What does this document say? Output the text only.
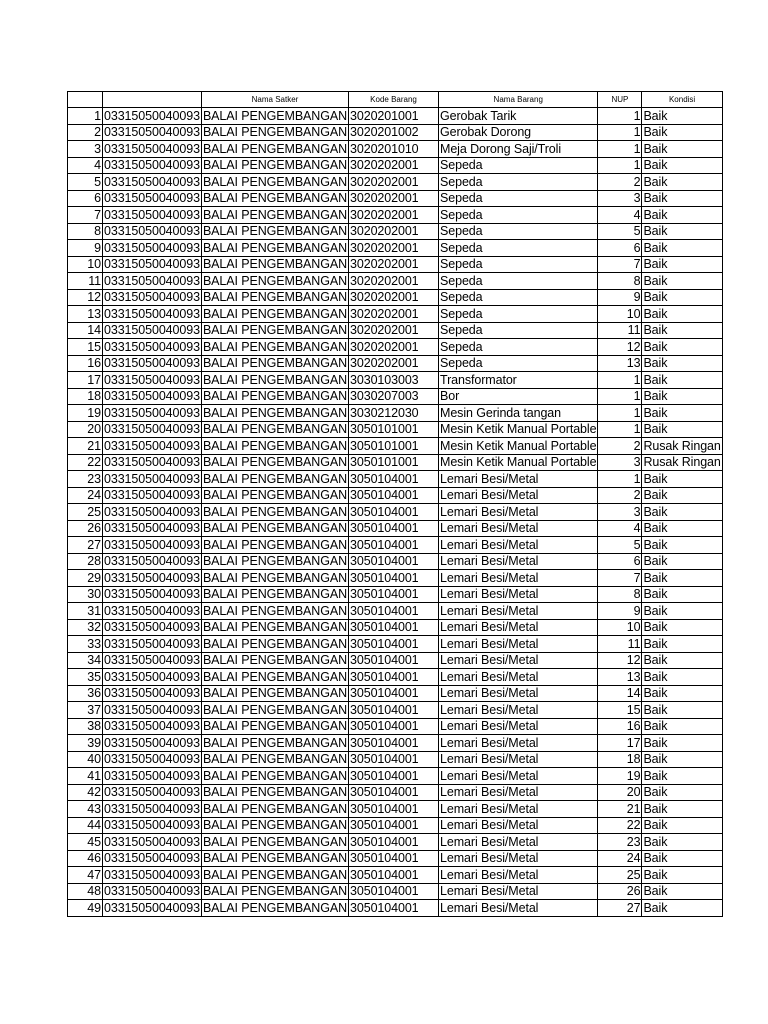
		Nama Satker	Kode Barang	Nama Barang	NUP	Kondisi
1	03315050040093	BALAI PENGEMBANGAN	3020201001	Gerobak Tarik	1	Baik
2	03315050040093	BALAI PENGEMBANGAN	3020201002	Gerobak Dorong	1	Baik
3	03315050040093	BALAI PENGEMBANGAN	3020201010	Meja Dorong Saji/Troli	1	Baik
4	03315050040093	BALAI PENGEMBANGAN	3020202001	Sepeda	1	Baik
5	03315050040093	BALAI PENGEMBANGAN	3020202001	Sepeda	2	Baik
6	03315050040093	BALAI PENGEMBANGAN	3020202001	Sepeda	3	Baik
7	03315050040093	BALAI PENGEMBANGAN	3020202001	Sepeda	4	Baik
8	03315050040093	BALAI PENGEMBANGAN	3020202001	Sepeda	5	Baik
9	03315050040093	BALAI PENGEMBANGAN	3020202001	Sepeda	6	Baik
10	03315050040093	BALAI PENGEMBANGAN	3020202001	Sepeda	7	Baik
11	03315050040093	BALAI PENGEMBANGAN	3020202001	Sepeda	8	Baik
12	03315050040093	BALAI PENGEMBANGAN	3020202001	Sepeda	9	Baik
13	03315050040093	BALAI PENGEMBANGAN	3020202001	Sepeda	10	Baik
14	03315050040093	BALAI PENGEMBANGAN	3020202001	Sepeda	11	Baik
15	03315050040093	BALAI PENGEMBANGAN	3020202001	Sepeda	12	Baik
16	03315050040093	BALAI PENGEMBANGAN	3020202001	Sepeda	13	Baik
17	03315050040093	BALAI PENGEMBANGAN	3030103003	Transformator	1	Baik
18	03315050040093	BALAI PENGEMBANGAN	3030207003	Bor	1	Baik
19	03315050040093	BALAI PENGEMBANGAN	3030212030	Mesin Gerinda tangan	1	Baik
20	03315050040093	BALAI PENGEMBANGAN	3050101001	Mesin Ketik Manual Portable	1	Baik
21	03315050040093	BALAI PENGEMBANGAN	3050101001	Mesin Ketik Manual Portable	2	Rusak Ringan
22	03315050040093	BALAI PENGEMBANGAN	3050101001	Mesin Ketik Manual Portable	3	Rusak Ringan
23	03315050040093	BALAI PENGEMBANGAN	3050104001	Lemari Besi/Metal	1	Baik
24	03315050040093	BALAI PENGEMBANGAN	3050104001	Lemari Besi/Metal	2	Baik
25	03315050040093	BALAI PENGEMBANGAN	3050104001	Lemari Besi/Metal	3	Baik
26	03315050040093	BALAI PENGEMBANGAN	3050104001	Lemari Besi/Metal	4	Baik
27	03315050040093	BALAI PENGEMBANGAN	3050104001	Lemari Besi/Metal	5	Baik
28	03315050040093	BALAI PENGEMBANGAN	3050104001	Lemari Besi/Metal	6	Baik
29	03315050040093	BALAI PENGEMBANGAN	3050104001	Lemari Besi/Metal	7	Baik
30	03315050040093	BALAI PENGEMBANGAN	3050104001	Lemari Besi/Metal	8	Baik
31	03315050040093	BALAI PENGEMBANGAN	3050104001	Lemari Besi/Metal	9	Baik
32	03315050040093	BALAI PENGEMBANGAN	3050104001	Lemari Besi/Metal	10	Baik
33	03315050040093	BALAI PENGEMBANGAN	3050104001	Lemari Besi/Metal	11	Baik
34	03315050040093	BALAI PENGEMBANGAN	3050104001	Lemari Besi/Metal	12	Baik
35	03315050040093	BALAI PENGEMBANGAN	3050104001	Lemari Besi/Metal	13	Baik
36	03315050040093	BALAI PENGEMBANGAN	3050104001	Lemari Besi/Metal	14	Baik
37	03315050040093	BALAI PENGEMBANGAN	3050104001	Lemari Besi/Metal	15	Baik
38	03315050040093	BALAI PENGEMBANGAN	3050104001	Lemari Besi/Metal	16	Baik
39	03315050040093	BALAI PENGEMBANGAN	3050104001	Lemari Besi/Metal	17	Baik
40	03315050040093	BALAI PENGEMBANGAN	3050104001	Lemari Besi/Metal	18	Baik
41	03315050040093	BALAI PENGEMBANGAN	3050104001	Lemari Besi/Metal	19	Baik
42	03315050040093	BALAI PENGEMBANGAN	3050104001	Lemari Besi/Metal	20	Baik
43	03315050040093	BALAI PENGEMBANGAN	3050104001	Lemari Besi/Metal	21	Baik
44	03315050040093	BALAI PENGEMBANGAN	3050104001	Lemari Besi/Metal	22	Baik
45	03315050040093	BALAI PENGEMBANGAN	3050104001	Lemari Besi/Metal	23	Baik
46	03315050040093	BALAI PENGEMBANGAN	3050104001	Lemari Besi/Metal	24	Baik
47	03315050040093	BALAI PENGEMBANGAN	3050104001	Lemari Besi/Metal	25	Baik
48	03315050040093	BALAI PENGEMBANGAN	3050104001	Lemari Besi/Metal	26	Baik
49	03315050040093	BALAI PENGEMBANGAN	3050104001	Lemari Besi/Metal	27	Baik
